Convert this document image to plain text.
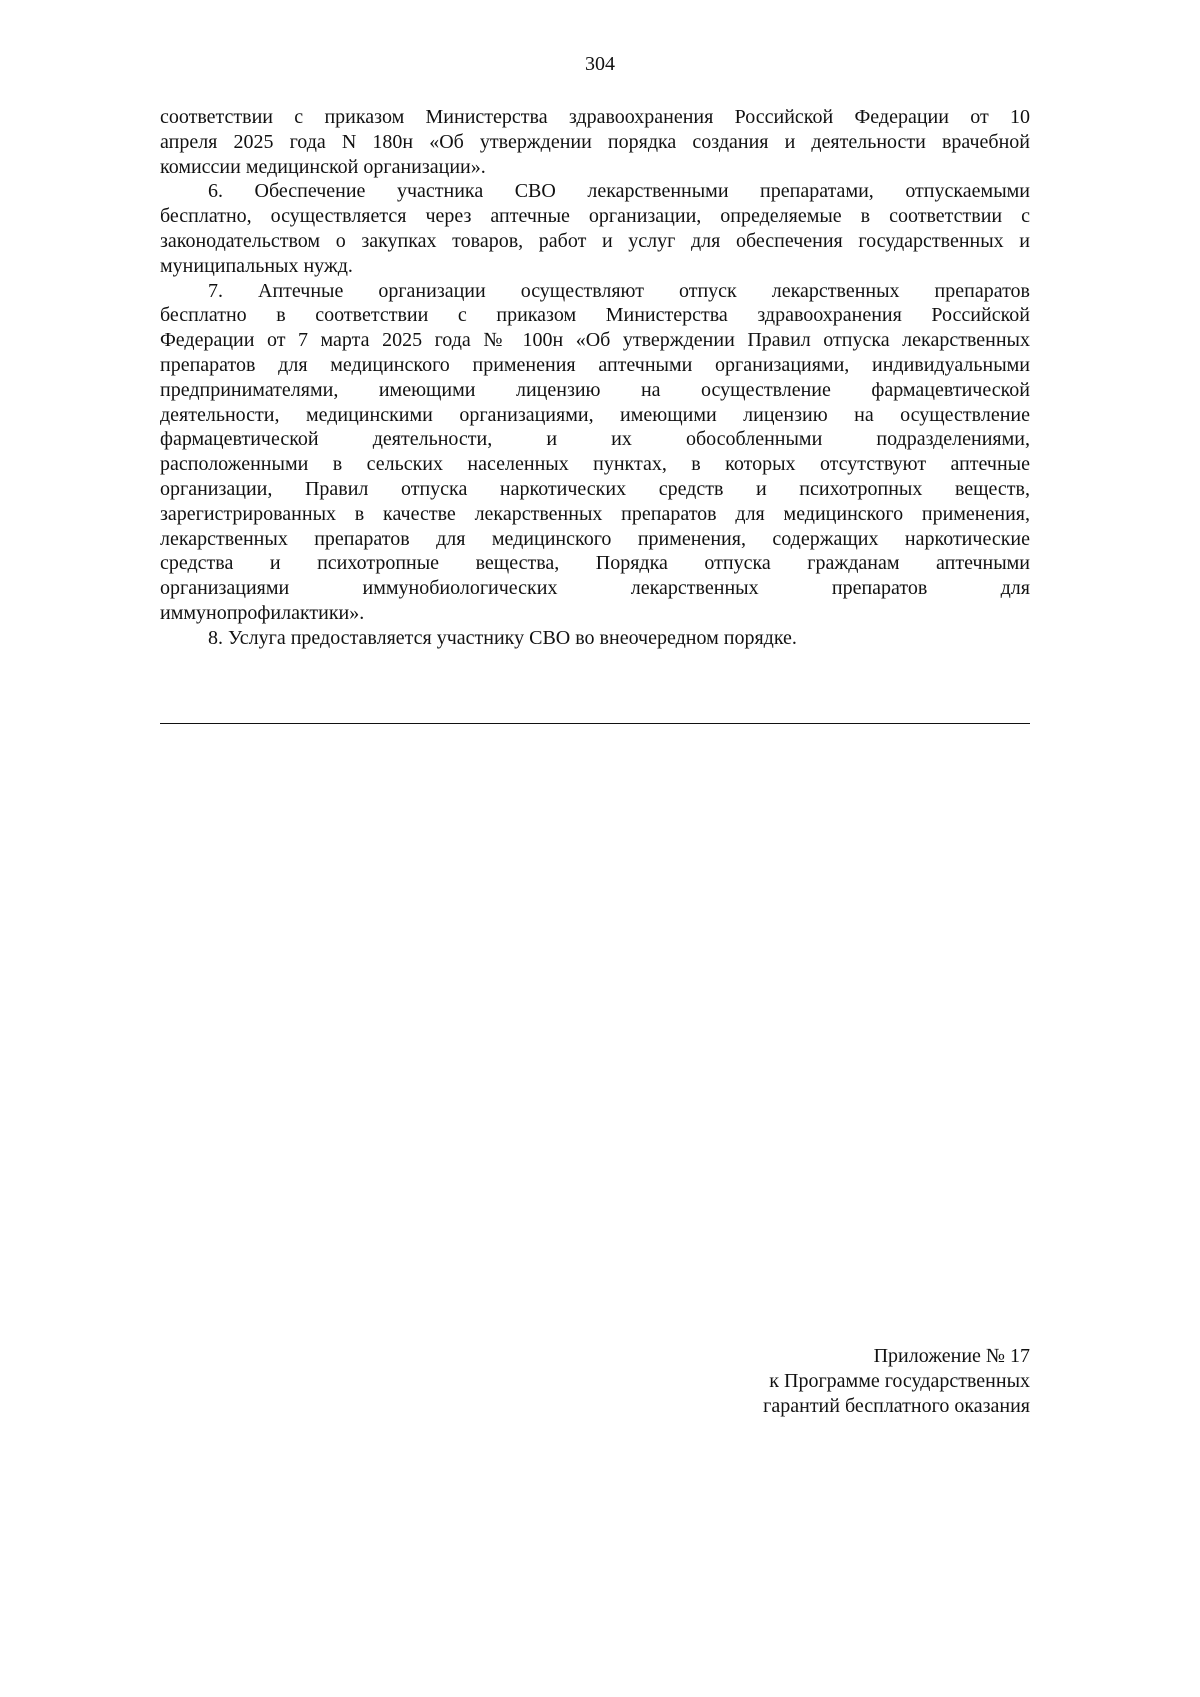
304
соответствии с приказом Министерства здравоохранения Российской Федерации от 10
апреля 2025 года N 180н «Об утверждении порядка создания и деятельности врачебной
комиссии медицинской организации».
6. Обеспечение участника СВО лекарственными препаратами, отпускаемыми
бесплатно, осуществляется через аптечные организации, определяемые в соответствии с
законодательством о закупках товаров, работ и услуг для обеспечения государственных и
муниципальных нужд.
7. Аптечные организации осуществляют отпуск лекарственных препаратов
бесплатно в соответствии с приказом Министерства здравоохранения Российской
Федерации от 7 марта 2025 года № 100н «Об утверждении Правил отпуска лекарственных
препаратов для медицинского применения аптечными организациями, индивидуальными
предпринимателями, имеющими лицензию на осуществление фармацевтической
деятельности, медицинскими организациями, имеющими лицензию на осуществление
фармацевтической деятельности, и их обособленными подразделениями,
расположенными в сельских населенных пунктах, в которых отсутствуют аптечные
организации, Правил отпуска наркотических средств и психотропных веществ,
зарегистрированных в качестве лекарственных препаратов для медицинского применения,
лекарственных препаратов для медицинского применения, содержащих наркотические
средства и психотропные вещества, Порядка отпуска гражданам аптечными
организациями иммунобиологических лекарственных препаратов для
иммунопрофилактики».
8. Услуга предоставляется участнику СВО во внеочередном порядке.
Приложение № 17
к Программе государственных
гарантий бесплатного оказания
